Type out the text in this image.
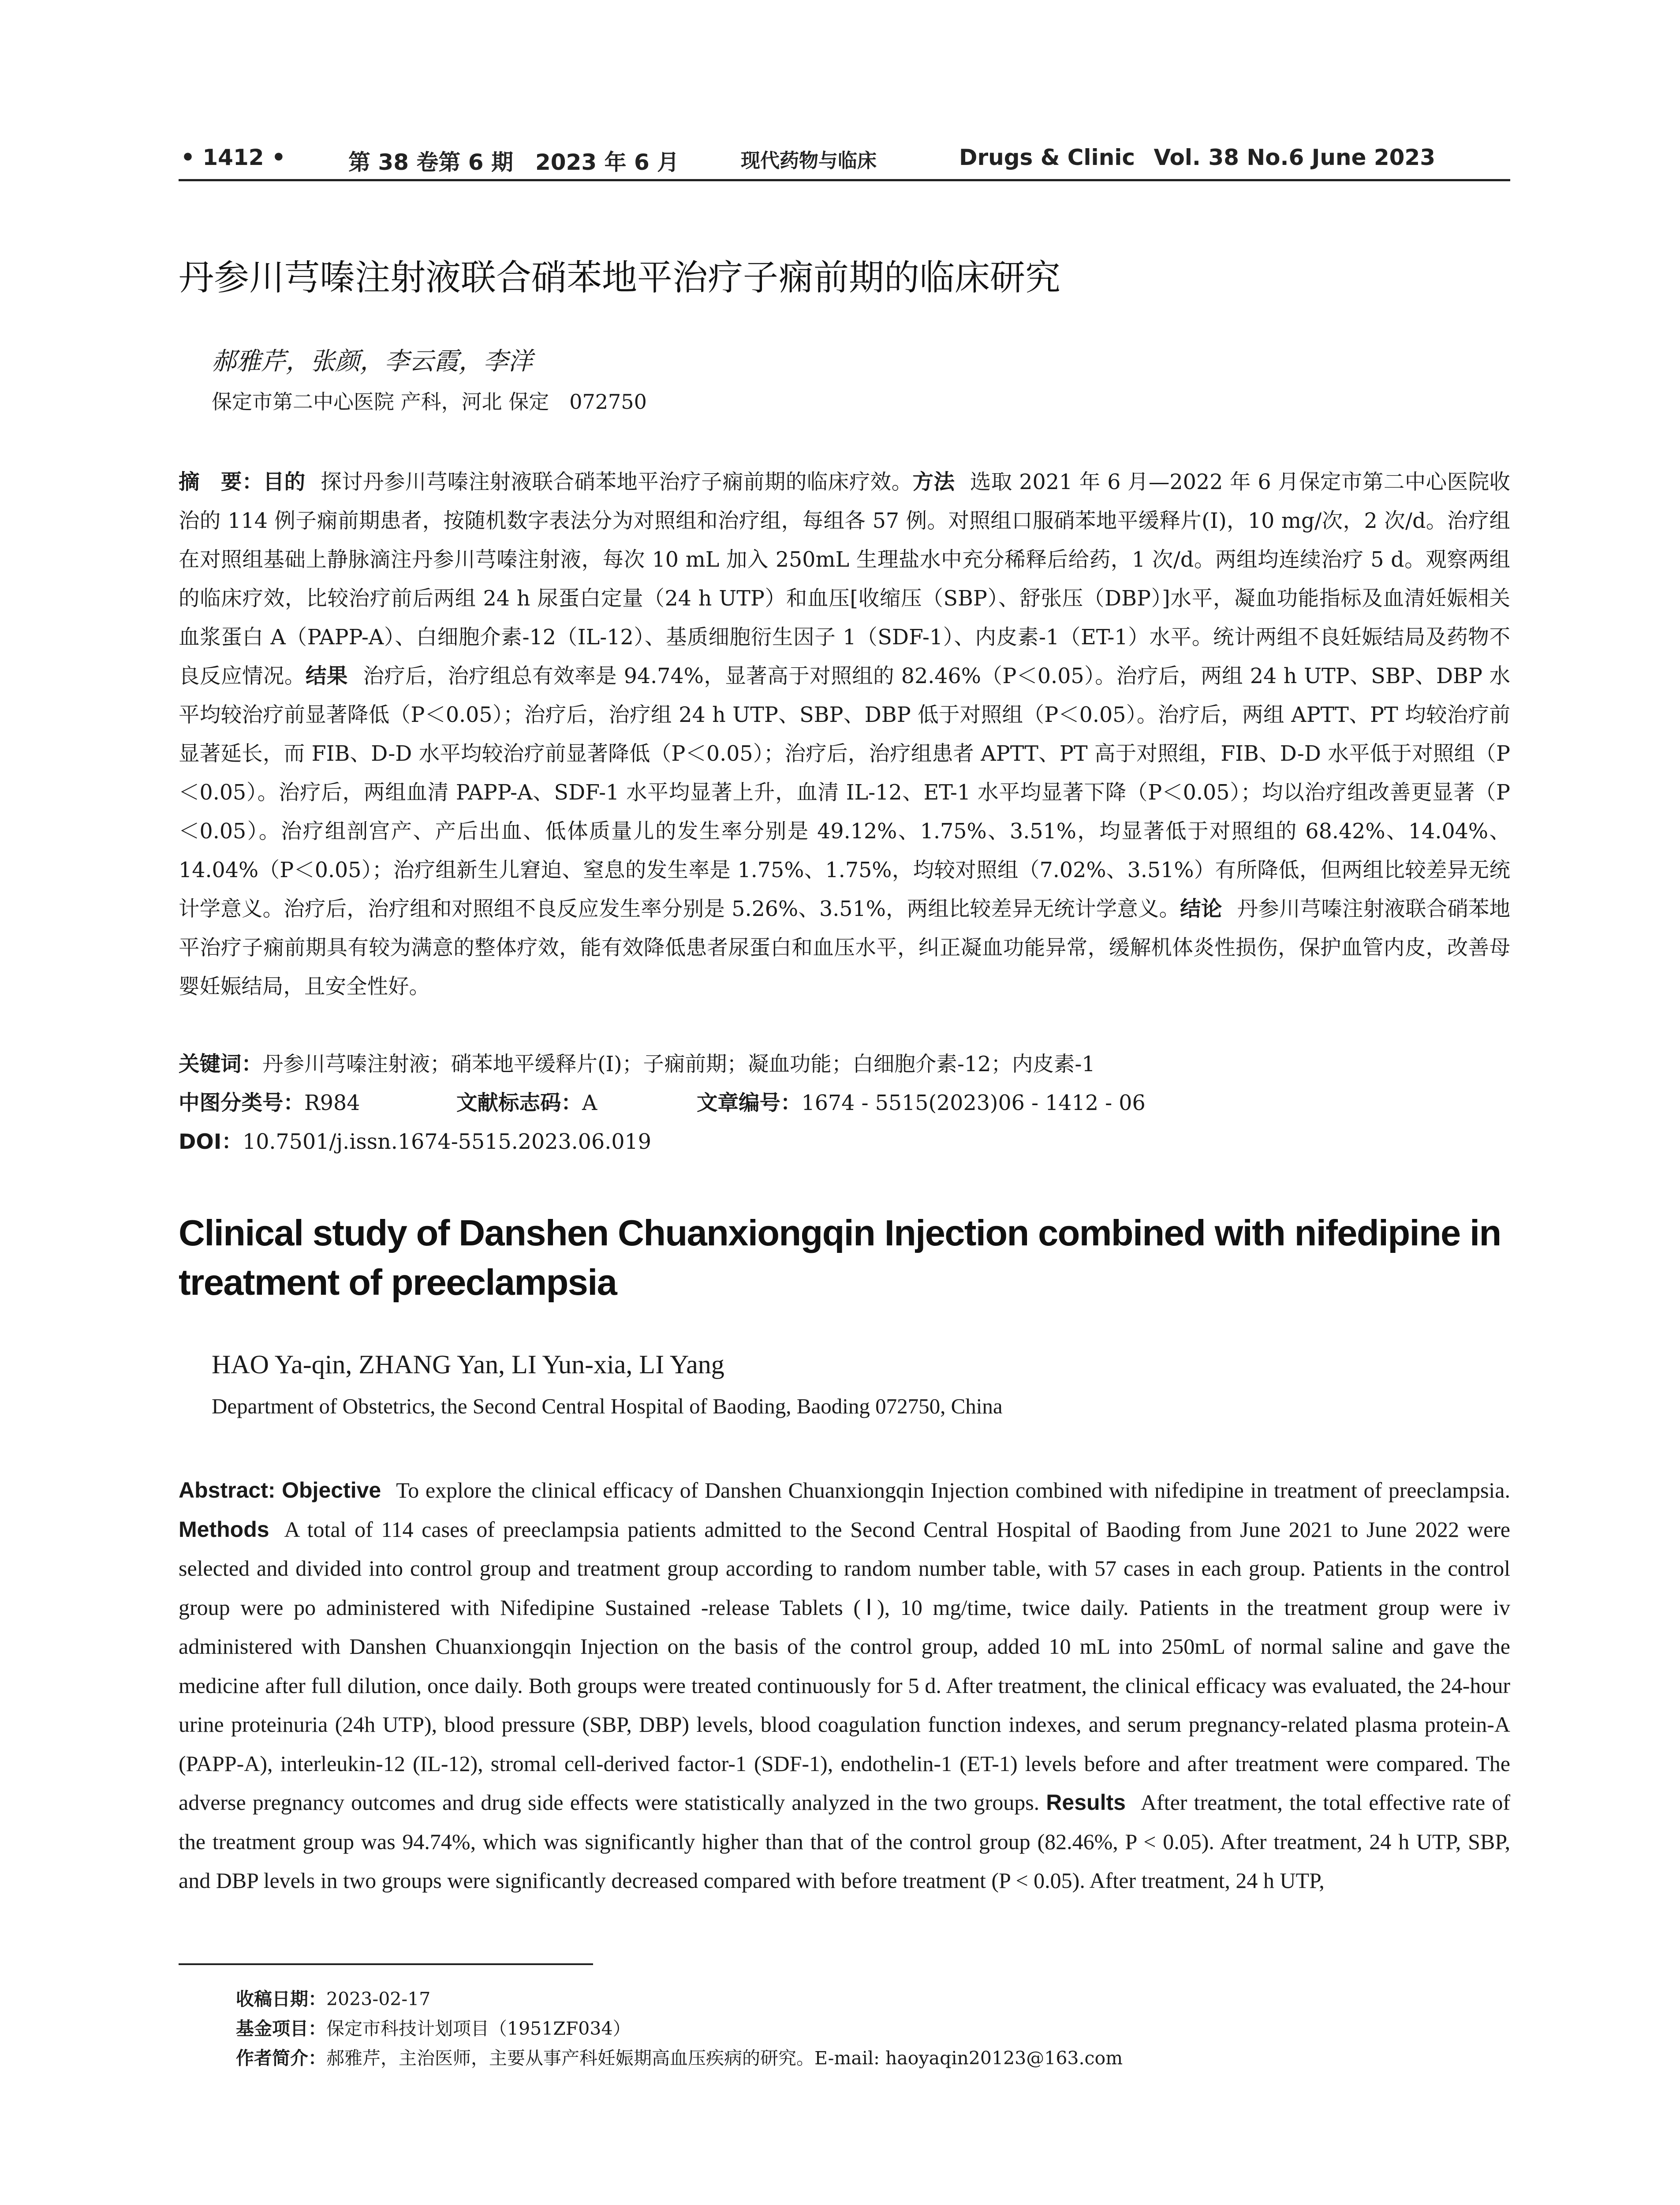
• 1412 •	第 38 卷第 6 期　2023 年 6 月	现代药物与临床	Drugs & Clinic Vol. 38 No.6 June 2023
丹参川芎嗪注射液联合硝苯地平治疗子痫前期的临床研究
郝雅芹，张颜，李云霞，李洋
保定市第二中心医院 产科，河北 保定　072750

摘　要：目的 探讨丹参川芎嗪注射液联合硝苯地平治疗子痫前期的临床疗效。方法 选取 2021 年 6 月—2022 年 6 月保定市第二中心医院收治的 114 例子痫前期患者，按随机数字表法分为对照组和治疗组，每组各 57 例。对照组口服硝苯地平缓释片(Ⅰ)，10 mg/次，2 次/d。治疗组在对照组基础上静脉滴注丹参川芎嗪注射液，每次 10 mL 加入 250mL 生理盐水中充分稀释后给药，1 次/d。两组均连续治疗 5 d。观察两组的临床疗效，比较治疗前后两组 24 h 尿蛋白定量（24 h UTP）和血压[收缩压（SBP）、舒张压（DBP）]水平，凝血功能指标及血清妊娠相关血浆蛋白 A（PAPP-A）、白细胞介素-12（IL-12）、基质细胞衍生因子 1（SDF-1）、内皮素-1（ET-1）水平。统计两组不良妊娠结局及药物不良反应情况。结果 治疗后，治疗组总有效率是 94.74%，显著高于对照组的 82.46%（P＜0.05）。治疗后，两组 24 h UTP、SBP、DBP 水平均较治疗前显著降低（P＜0.05）；治疗后，治疗组 24 h UTP、SBP、DBP 低于对照组（P＜0.05）。治疗后，两组 APTT、PT 均较治疗前显著延长，而 FIB、D-D 水平均较治疗前显著降低（P＜0.05）；治疗后，治疗组患者 APTT、PT 高于对照组，FIB、D-D 水平低于对照组（P＜0.05）。治疗后，两组血清 PAPP-A、SDF-1 水平均显著上升，血清 IL-12、ET-1 水平均显著下降（P＜0.05）；均以治疗组改善更显著（P＜0.05）。治疗组剖宫产、产后出血、低体质量儿的发生率分别是 49.12%、1.75%、3.51%，均显著低于对照组的 68.42%、14.04%、14.04%（P＜0.05）；治疗组新生儿窘迫、窒息的发生率是 1.75%、1.75%，均较对照组（7.02%、3.51%）有所降低，但两组比较差异无统计学意义。治疗后，治疗组和对照组不良反应发生率分别是 5.26%、3.51%，两组比较差异无统计学意义。结论 丹参川芎嗪注射液联合硝苯地平治疗子痫前期具有较为满意的整体疗效，能有效降低患者尿蛋白和血压水平，纠正凝血功能异常，缓解机体炎性损伤，保护血管内皮，改善母婴妊娠结局，且安全性好。

关键词：丹参川芎嗪注射液；硝苯地平缓释片(Ⅰ)；子痫前期；凝血功能；白细胞介素-12；内皮素-1
中图分类号：R984	文献标志码：A	文章编号：1674 - 5515(2023)06 - 1412 - 06
DOI：10.7501/j.issn.1674-5515.2023.06.019
Clinical study of Danshen Chuanxiongqin Injection combined with nifedipine in treatment of preeclampsia
HAO Ya-qin, ZHANG Yan, LI Yun-xia, LI Yang
Department of Obstetrics, the Second Central Hospital of Baoding, Baoding 072750, China

Abstract: Objective To explore the clinical efficacy of Danshen Chuanxiongqin Injection combined with nifedipine in treatment of preeclampsia. Methods A total of 114 cases of preeclampsia patients admitted to the Second Central Hospital of Baoding from June 2021 to June 2022 were selected and divided into control group and treatment group according to random number table, with 57 cases in each group. Patients in the control group were po administered with Nifedipine Sustained -release Tablets (Ⅰ), 10 mg/time, twice daily. Patients in the treatment group were iv administered with Danshen Chuanxiongqin Injection on the basis of the control group, added 10 mL into 250mL of normal saline and gave the medicine after full dilution, once daily. Both groups were treated continuously for 5 d. After treatment, the clinical efficacy was evaluated, the 24-hour urine proteinuria (24h UTP), blood pressure (SBP, DBP) levels, blood coagulation function indexes, and serum pregnancy-related plasma protein-A (PAPP-A), interleukin-12 (IL-12), stromal cell-derived factor-1 (SDF-1), endothelin-1 (ET-1) levels before and after treatment were compared. The adverse pregnancy outcomes and drug side effects were statistically analyzed in the two groups. Results After treatment, the total effective rate of the treatment group was 94.74%, which was significantly higher than that of the control group (82.46%, P < 0.05). After treatment, 24 h UTP, SBP, and DBP levels in two groups were significantly decreased compared with before treatment (P < 0.05). After treatment, 24 h UTP,

收稿日期：2023-02-17
基金项目：保定市科技计划项目（1951ZF034）
作者简介：郝雅芹，主治医师，主要从事产科妊娠期高血压疾病的研究。E-mail: haoyaqin20123@163.com
